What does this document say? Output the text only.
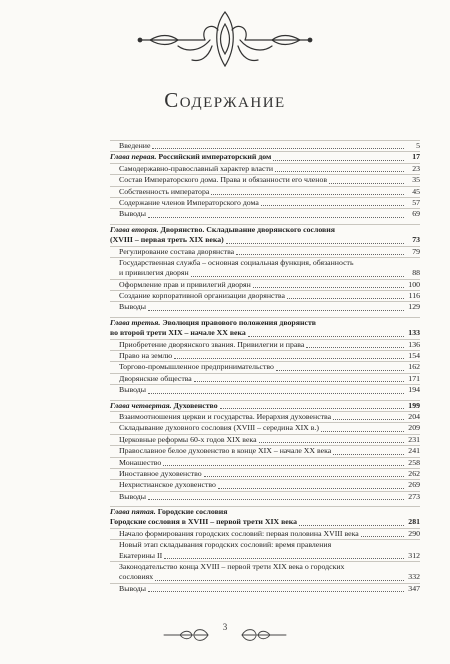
Содержание
Введение	5
Глава первая. Российский императорский дом	17
Самодержавно-православный характер власти	23
Состав Императорского дома. Права и обязанности его членов	35
Собственность императора	45
Содержание членов Императорского дома	57
Выводы	69
Глава вторая. Дворянство. Складывание дворянского сословия
(XVIII – первая треть XIX века)	73
Регулирование состава дворянства	79
Государственная служба – основная социальная функция, обязанность
и привилегия дворян	88
Оформление прав и привилегий дворян	100
Создание корпоративной организации дворянства	116
Выводы	129
Глава третья. Эволюция правового положения дворянств
во второй трети XIX – начале XX века	133
Приобретение дворянского звания. Привилегии и права	136
Право на землю	154
Торгово-промышленное предпринимательство	162
Дворянские общества	171
Выводы	194
Глава четвертая. Духовенство	199
Взаимоотношения церкви и государства. Иерархия духовенства	204
Складывание духовного сословия (XVIII – середина XIX в.)	209
Церковные реформы 60-х годов XIX века	231
Православное белое духовенство в конце XIX – начале XX века	241
Монашество	258
Иноставное духовенство	262
Нехристианское духовенство	269
Выводы	273
Глава пятая. Городские сословия
Городские сословия в XVIII – первой трети XIX века	281
Начало формирования городских сословий: первая половина XVIII века	290
Новый этап складывания городских сословий: время правления
Екатерины II	312
Законодательство конца XVIII – первой трети XIX века о городских
сословиях	332
Выводы	347
3
